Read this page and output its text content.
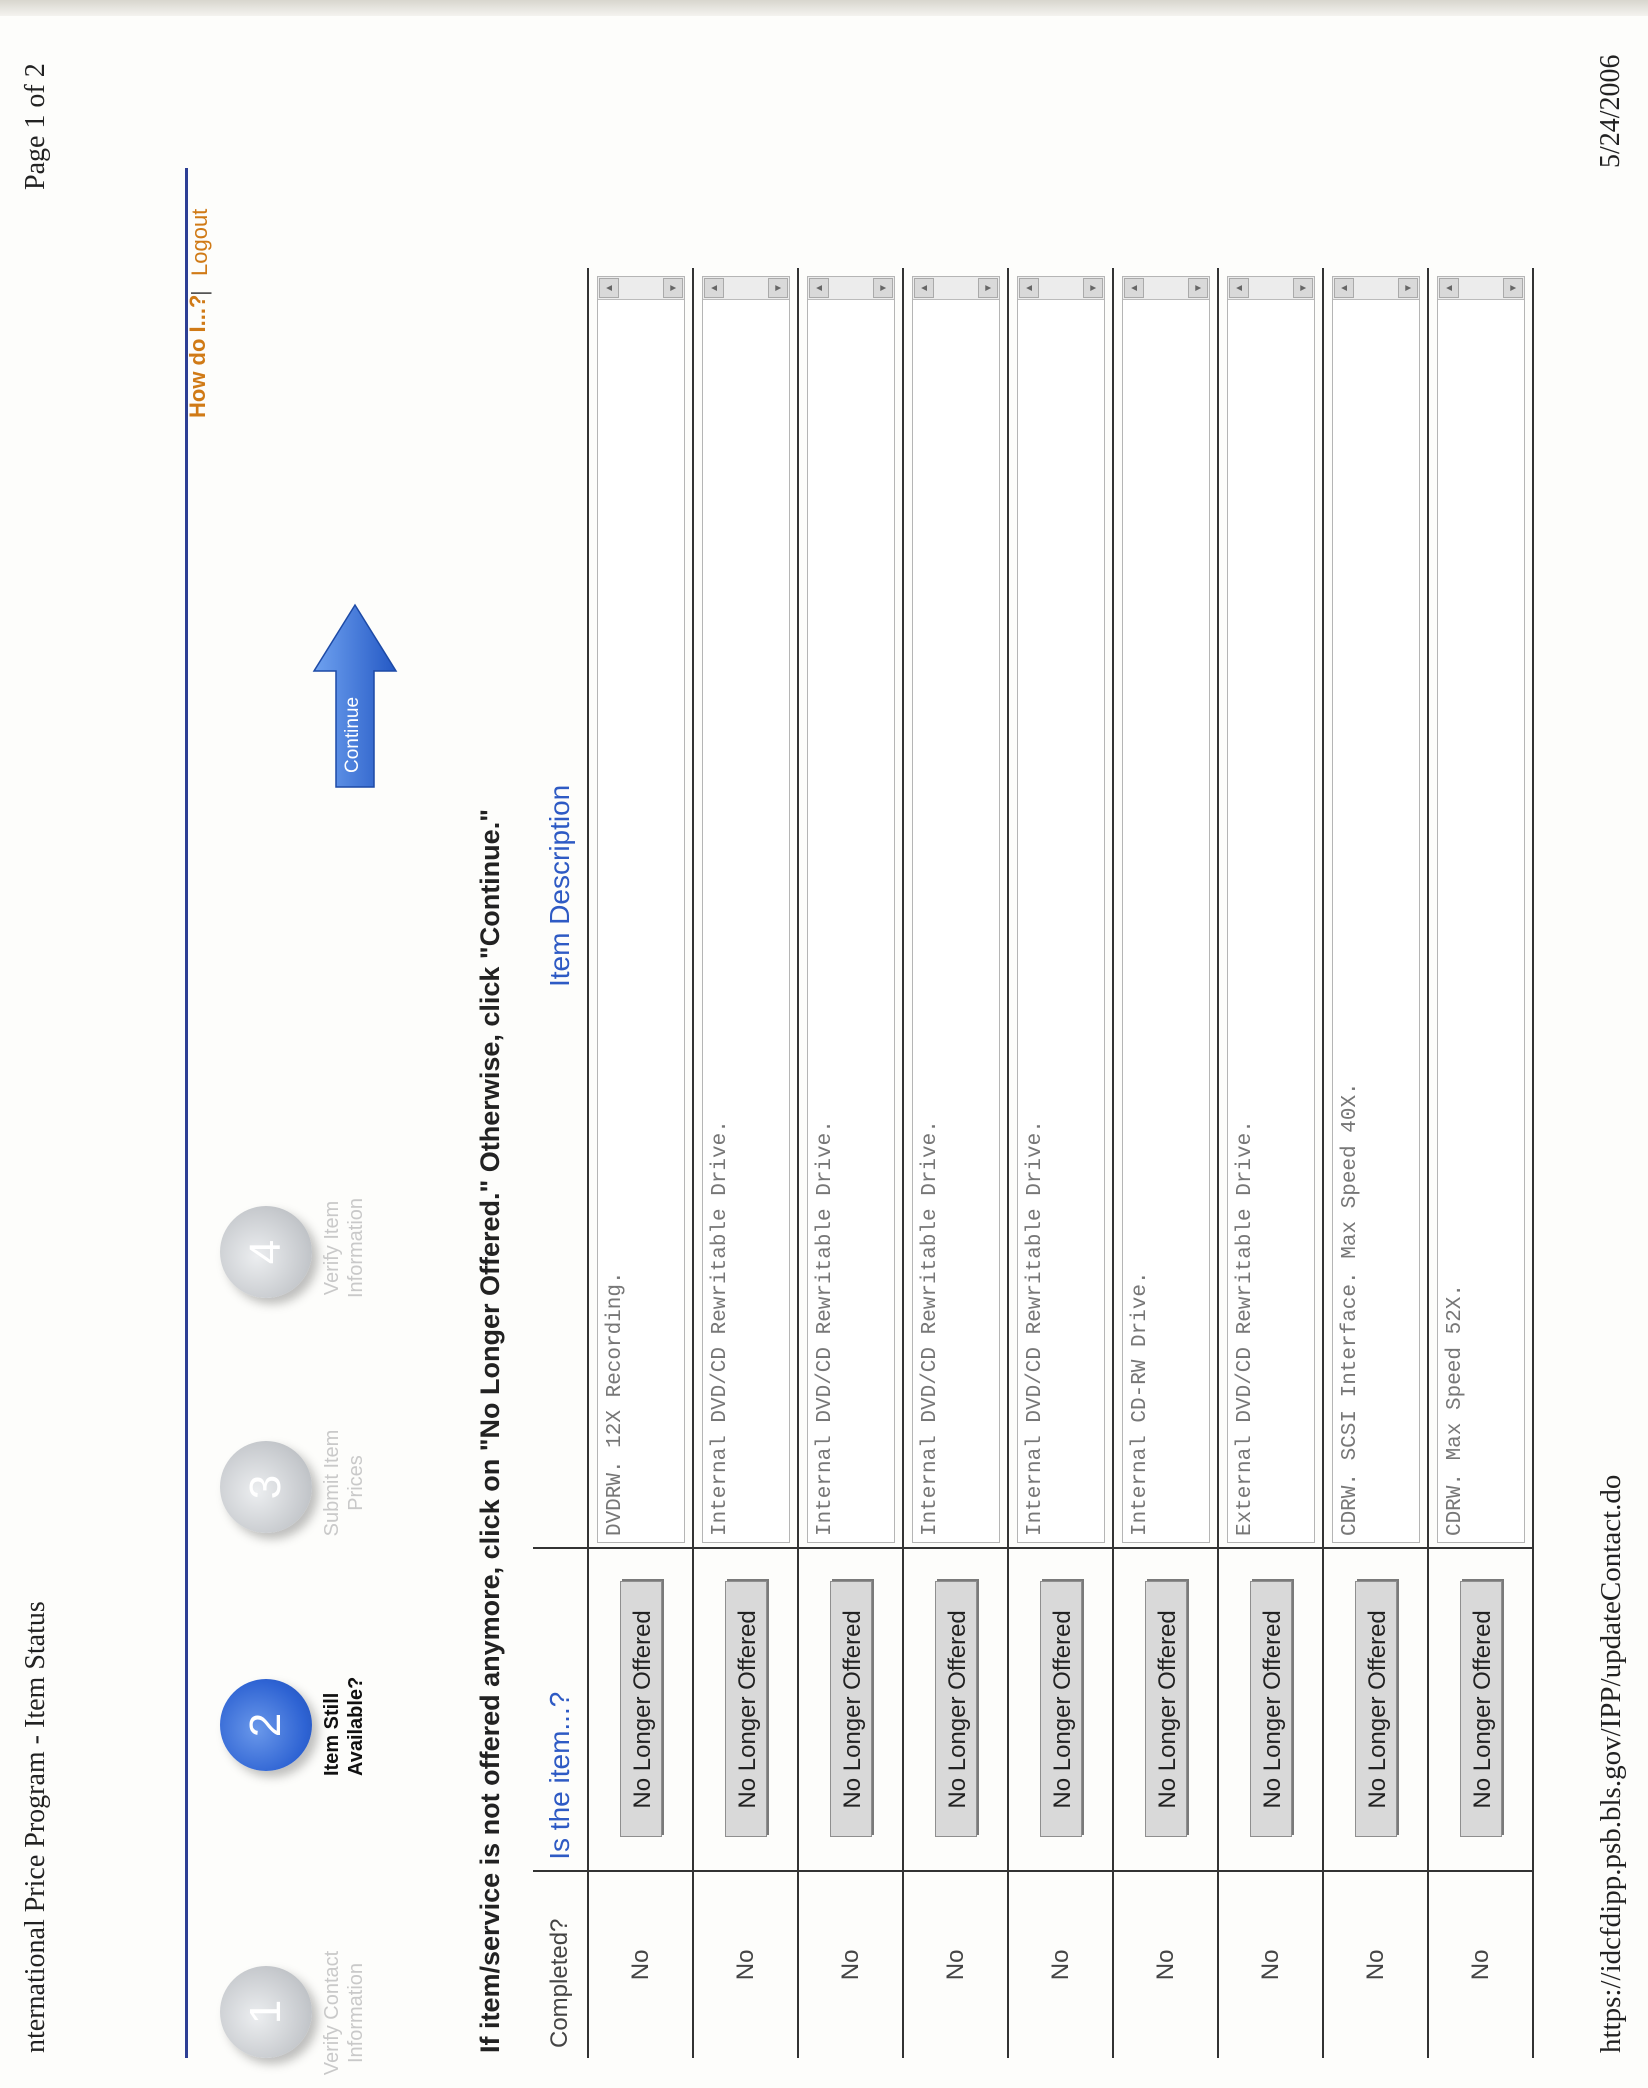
nternational Price Program - Item Status
Page 1 of 2
How do I...?
|
Logout
1	Verify Contact Information
2	Item Still Available?
3	Submit Item Prices
4	Verify Item Information
Continue
If item/service is not offered anymore, click on "No Longer Offered." Otherwise, click "Continue." Completed?	Is the item...?	Item Description
No	No Longer Offered	DVDRW. 12X Recording.
▲ ▼

No	No Longer Offered	Internal DVD/CD Rewritable Drive.
▲ ▼

No	No Longer Offered	Internal DVD/CD Rewritable Drive.
▲ ▼

No	No Longer Offered	Internal DVD/CD Rewritable Drive.
▲ ▼

No	No Longer Offered	Internal DVD/CD Rewritable Drive.
▲ ▼

No	No Longer Offered	Internal CD-RW Drive.
▲ ▼

No	No Longer Offered	External DVD/CD Rewritable Drive.
▲ ▼

No	No Longer Offered	CDRW. SCSI Interface. Max Speed 40X.
▲ ▼

No	No Longer Offered	CDRW. Max Speed 52X.
▲ ▼
https://idcfdipp.psb.bls.gov/IPP/updateContact.do
5/24/2006
